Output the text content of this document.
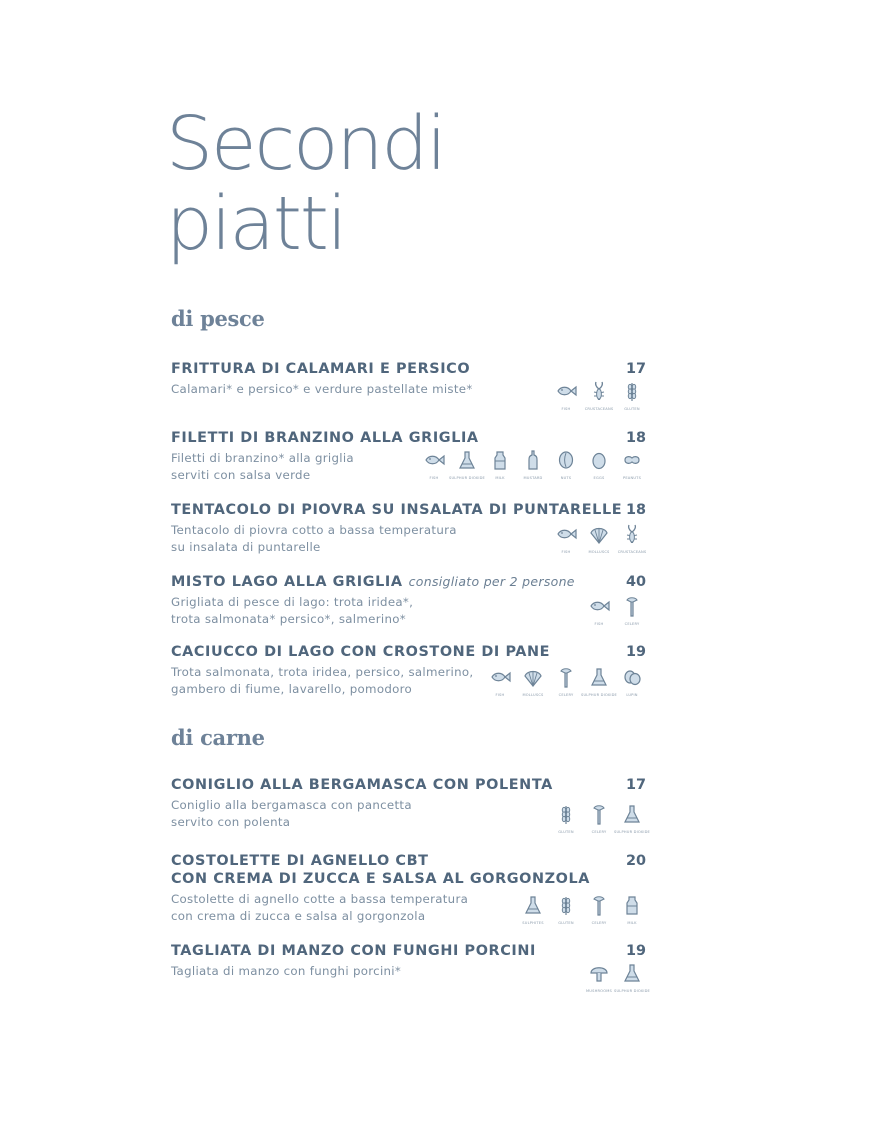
Secondi
piatti
di pesce
FRITTURA DI CALAMARI E PERSICO	17
Calamari* e persico* e verdure pastellate miste*
FISH	CRUSTACEANS	GLUTEN
FILETTI DI BRANZINO ALLA GRIGLIA	18
Filetti di branzino* alla griglia
serviti con salsa verde	FISH	SULPHUR DIOXIDE	MILK	MUSTARD	NUTS	EGGS	PEANUTS
TENTACOLO DI PIOVRA SU INSALATA DI PUNTARELLE 18
Tentacolo di piovra cotto a bassa temperatura
su insalata di puntarelle	FISH	MOLLUSCS CRUSTACEANS
MISTO LAGO ALLA GRIGLIA consigliato per 2 persone	40
Grigliata di pesce di lago: trota iridea*,
trota salmonata* persico*, salmerino*	FISH	CELERY
CACIUCCO DI LAGO CON CROSTONE DI PANE	19
Trota salmonata, trota iridea, persico, salmerino,
gambero di fiume, lavarello, pomodoro	FISH	MOLLUSCS	CELERY SULPHUR DIOXIDE	LUPIN
di carne
CONIGLIO ALLA BERGAMASCA CON POLENTA	17
Coniglio alla bergamasca con pancetta
servito con polenta
GLUTEN	CELERY SULPHUR DIOXIDE
COSTOLETTE DI AGNELLO CBT
CON CREMA DI ZUCCA E SALSA AL GORGONZOLA
20
Costolette di agnello cotte a bassa temperatura
con crema di zucca e salsa al gorgonzola
SULPHITES	GLUTEN	CELERY	MILK
TAGLIATA DI MANZO CON FUNGHI PORCINI	19
Tagliata di manzo con funghi porcini*
MUSHROOMS SULPHUR DIOXIDE
